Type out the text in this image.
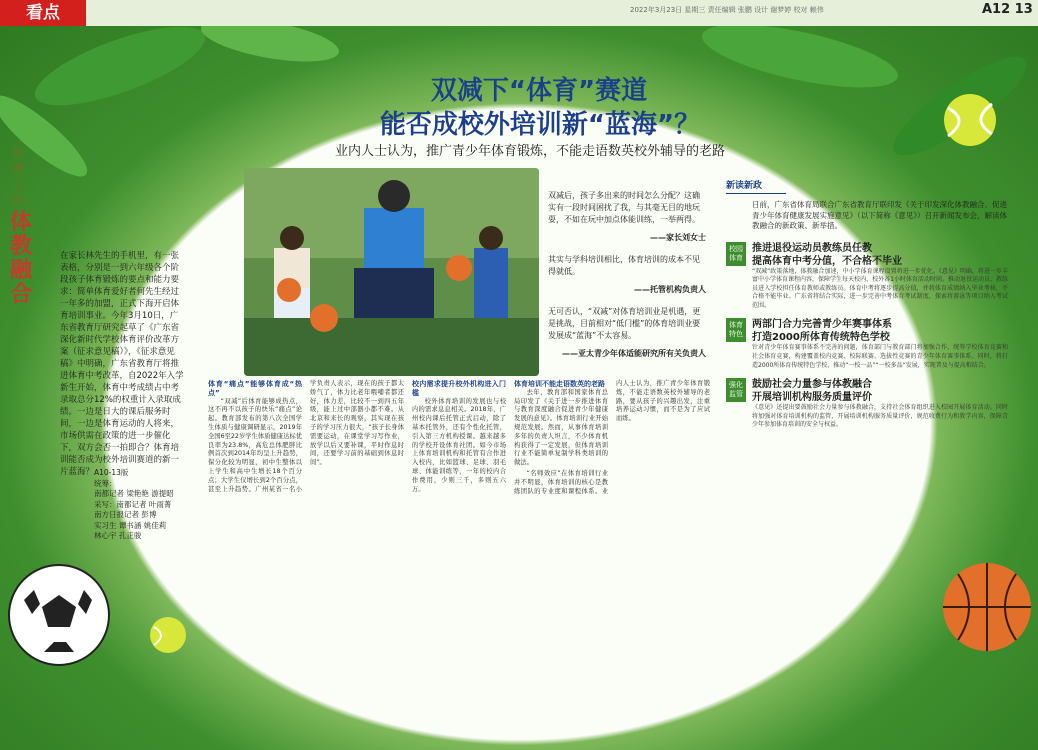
看点	2022年3月23日 星期三 责任编辑 张鹏 设计 谢梦婷 校对 赖伟	A12 13
“双减”下的
体教融合
双减下“体育”赛道
能否成校外培训新“蓝海”？
业内人士认为，推广青少年体育锻炼，不能走语数英校外辅导的老路
在家长林先生的手机里，有一张表格，分别是一到六年级各个阶段孩子体育锻炼的要点和能力要求：简单体育爱好者何先生经过一年多的加盟，正式下海开启体育培训事业。今年3月10日，广东省教育厅研究起草了《广东省深化新时代学校体育评价改革方案（征求意见稿）》，《征求意见稿》中明确，广东省教育厅将推进体育中考改革，自2022年入学新生开始，体育中考成绩占中考录取总分12%的权重计入录取成绩。一边是日大的课后服务时间，一边是体育运动的人将来，市场供需在政策的进一步催化下，双方会否一拍即合？体育培训能否成为校外培训赛道的新一片蓝海？ A10-13版
统筹：
南都记者 梁艳艳 游提昭
采写：南都记者 叶雨菁
南方日报记者 彭博
实习生 谭书涵 姚佳莉
林心宇 孔正骏

双减后，孩子多出来的时间怎么分配？这确实有一段时间困扰了我，与其毫无目的地玩耍，不如在玩中加点体能训练，一举两得。

——家长刘女士

其实与学科培训相比，体育培训的成本不见得就低。

——托管机构负责人

无可否认，“双减”对体育培训业是机遇，更是挑战，目前相对“低门槛”的体育培训业要发展成“蓝海”不太容易。

——亚太青少年体适能研究所有关负责人
体育“痛点”能够体育成“热点”

“双减”后体育能够成热点，这不再不以孩子的快乐“痛点”论起。教育部发布的第八次全国学生体质与健康调研显示，2019年全国6至22岁学生体质健康达标优良率为23.8%，高危总体肥胖比例首次到2014年均呈上升趋势，保分化较为明显，初中生整体以上学生和高中生增长18个百分点；大学生仅增长到2个百分点，甚至上升趋势。广州某省一名小学负责人表示，现在的孩子都太娇气了，体力比老年喂哺者都还好，体力差，比较不一到四五年级，能上过中部器小都不难。从北京和来长的观察，其实现在孩子的学习压力很大，“孩子长身体需要运动，在课堂学习写作业，放学以后又要补课，平时作息时间，还要学习前的基础到休息时间”。

校内需求提升校外机构进入门槛

校外体育培训的发展也与校内的需求息息相关。2018年，广州校内课后托管正式启动，除了基本托管外，还有个性化托管，引入第三方机构授课。越来越多的学校开设体育社团。如今市场上体育培训机构和托管有合作进入校内，比如篮球、足球、羽毛球、体能训练等，一年的校内合作费用，少则三千，多则五六万。

体育培训不能走语数英的老路

去年，教育部和国家体育总局印发了《关于进一步推进体育与教育深度融合促进青少年健康发展的意见》。体育培训行业开始规范发展。然而，从事体育培训多年的负责人坦言，不少体育机构获得了一定发展，但体育培训行业不能简单复制学科类培训的做法。

“名师效应”在体育培训行业并不明显，体育培训的核心是教练团队的专业度和课程体系。业内人士认为，推广青少年体育锻炼，不能走语数英校外辅导的老路，要从孩子的兴趣出发，注重培养运动习惯，而不是为了应试而练。

新读新政
日前，广东省体育局联合广东省教育厅联印发《关于印发深化体教融合、促进青少年体育健康发展实施意见》（以下简称《意见》）召开新闻发布会，解读体教融合的新政策、新举措。
校园体育
推进退役运动员教练员任教
提高体育中考分值，不合格不毕业
“双减”政策落地，体教融合加速，中小学体育课程设置将进一步优化。《意见》明确，将进一步丰富中小学体育课程内容，保障学生每天校内、校外各1小时体育活动时间。推动退役运动员、教练员进入学校担任体育教师或教练员。体育中考将逐步提高分值，并将体育成绩纳入毕业考核，不合格不能毕业。广东省将结合实际，进一步完善中考体育考试制度，探索将游泳等项目纳入考试范围。
体育特色
两部门合力完善青少年赛事体系
打造2000所体育传统特色学校
针对青少年体育赛事体系不完善的问题，体育部门与教育部门将加强合作，统筹学校体育竞赛和社会体育竞赛，构建覆盖校内竞赛、校际联赛、选拔性竞赛的青少年体育赛事体系。同时，将打造2000所体育传统特色学校，推动“一校一品”“一校多品”发展，实现普及与提高相结合。
强化监管
鼓励社会力量参与体教融合
开展培训机构服务质量评价
《意见》还提出要鼓励社会力量参与体教融合，支持社会体育组织进入校园开展体育活动。同时将加强对体育培训机构的监管，开展培训机构服务质量评价，规范收费行为和教学内容，保障青少年参加体育培训的安全与权益。
